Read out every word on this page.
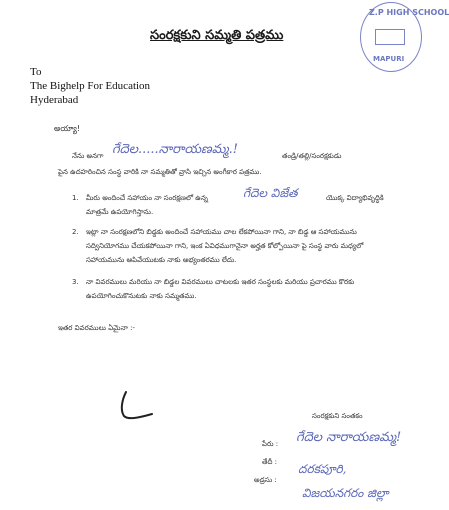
సంరక్షకుని సమ్మతి పత్రము
Z.P HIGH SCHOOL
MAPURI
To
The Bighelp For Education
Hyderabad
అయ్యా!
నేను అనగా గేదెల.....నారాయణమ్మ.!	తండ్రి/తల్లి/సంరక్షకుడు
పైన ఉదహరించిన సంస్థ వారికి నా సమ్మతితో వ్రాసి ఇచ్చిన అంగీకార పత్రము.
1. మీరు అందించే సహాయం నా సంరక్షణలో ఉన్న	గేదెల విజేత	యొక్క విద్యాభివృద్ధికి
మాత్రమే ఉపయోగిస్తాను.
2. ఇట్లా నా సంరక్షణలోని బిడ్డకు అందించే సహాయము చాల లేకపోయినా గాని, నా బిడ్డ ఆ సహాయమును
సద్వినియోగము చేయకపోయినా గాని, ఇంక ఏవిధముగానైనా అర్హత కోల్పోయినా పై సంస్థ వారు మధ్యలో
సహాయమును ఆపివేయుటకు నాకు అభ్యంతరము లేదు.
3. నా వివరములు మరియు నా బిడ్డల వివరములు చాటలకు ఇతర సంస్థలకు మరియు ప్రచారము కొరకు
ఉపయోగించుకొనుటకు నాకు సమ్మతము.
ఇతర వివరములు ఏమైనా :-
సంరక్షకుని సంతకం
పేరు : గేదెల నారాయణమ్మ!
తేదీ :
అడ్రసు :
దరకపూరి,
విజయనగరం జిల్లా
